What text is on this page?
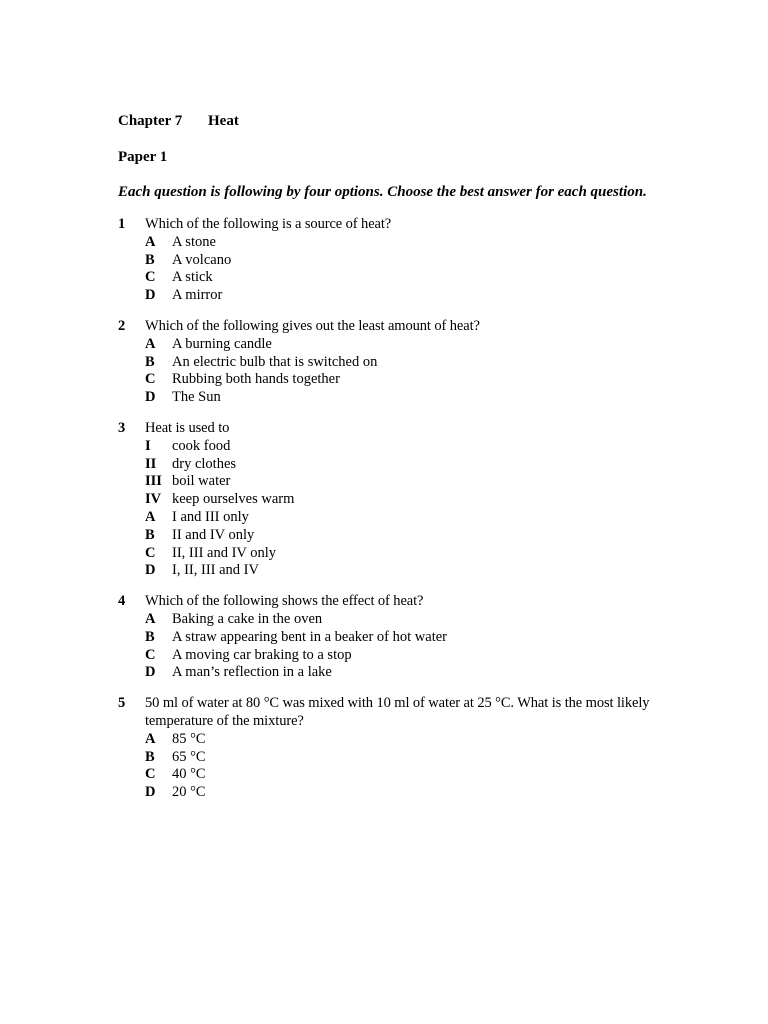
Chapter 7	Heat
Paper 1
Each question is following by four options. Choose the best answer for each question.
1	Which of the following is a source of heat?
A	A stone
B	A volcano
C	A stick
D	A mirror
2	Which of the following gives out the least amount of heat?
A	A burning candle
B	An electric bulb that is switched on
C	Rubbing both hands together
D	The Sun
3	Heat is used to
I	cook food
II	dry clothes
III boil water
IV keep ourselves warm
A	I and III only
B	II and IV only
C	II, III and IV only
D	I, II, III and IV
4	Which of the following shows the effect of heat?
A	Baking a cake in the oven
B	A straw appearing bent in a beaker of hot water
C	A moving car braking to a stop
D	A man’s reflection in a lake
5	50 ml of water at 80 °C was mixed with 10 ml of water at 25 °C. What is the most likely temperature of the mixture?
A	85 °C
B	65 °C
C	40 °C
D	20 °C
